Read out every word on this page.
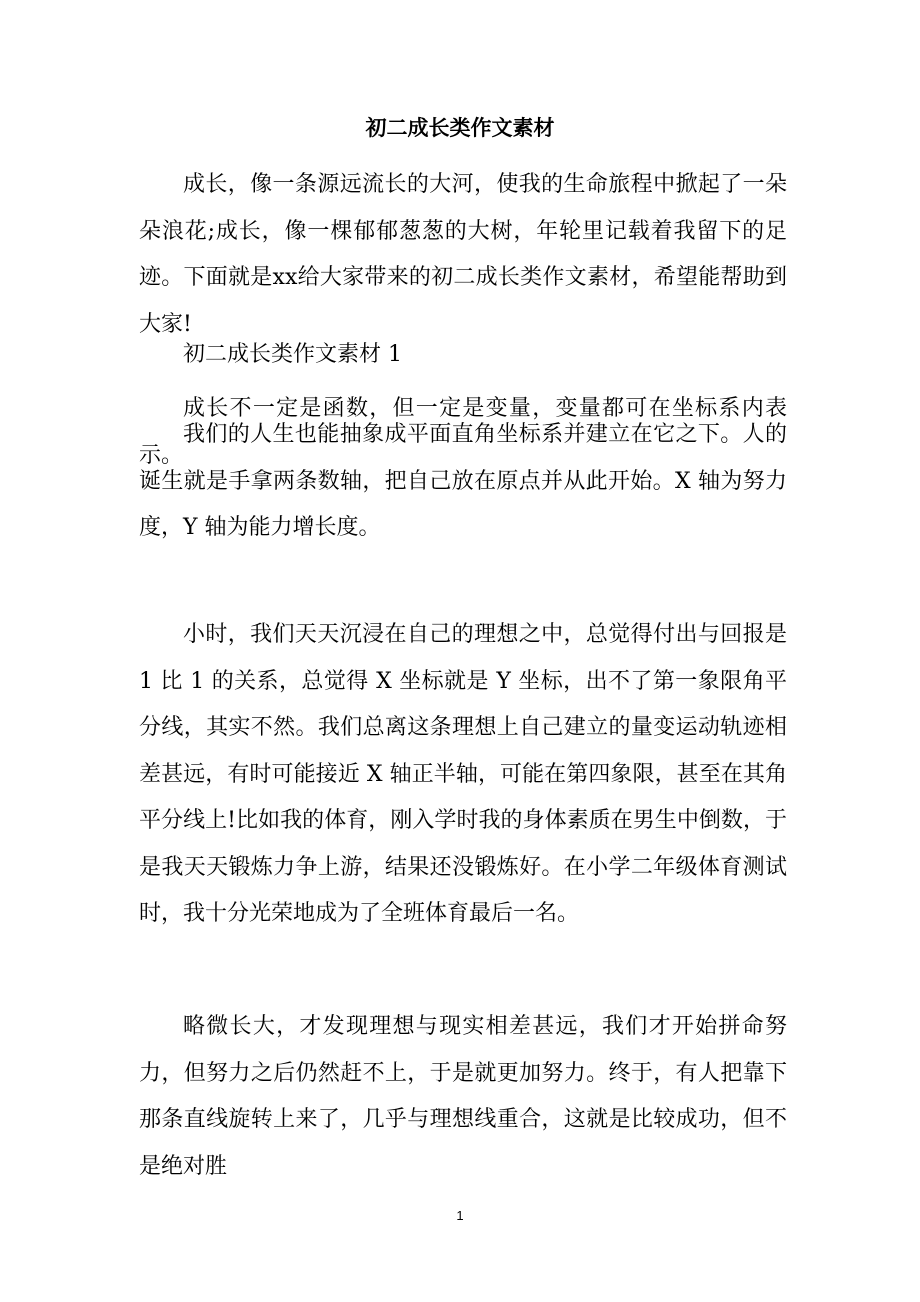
初二成长类作文素材

成长，像一条源远流长的大河，使我的生命旅程中掀起了一朵朵浪花;成长，像一棵郁郁葱葱的大树，年轮里记载着我留下的足迹。下面就是xx给大家带来的初二成长类作文素材，希望能帮助到大家!

初二成长类作文素材 1

成长不一定是函数，但一定是变量，变量都可在坐标系内表示。

我们的人生也能抽象成平面直角坐标系并建立在它之下。人的诞生就是手拿两条数轴，把自己放在原点并从此开始。X 轴为努力度，Y 轴为能力增长度。

小时，我们天天沉浸在自己的理想之中，总觉得付出与回报是 1 比 1 的关系，总觉得 X 坐标就是 Y 坐标，出不了第一象限角平分线，其实不然。我们总离这条理想上自己建立的量变运动轨迹相差甚远，有时可能接近 X 轴正半轴，可能在第四象限，甚至在其角平分线上!比如我的体育，刚入学时我的身体素质在男生中倒数，于是我天天锻炼力争上游，结果还没锻炼好。在小学二年级体育测试时，我十分光荣地成为了全班体育最后一名。

略微长大，才发现理想与现实相差甚远，我们才开始拼命努力，但努力之后仍然赶不上，于是就更加努力。终于，有人把靠下那条直线旋转上来了，几乎与理想线重合，这就是比较成功，但不是绝对胜

1
